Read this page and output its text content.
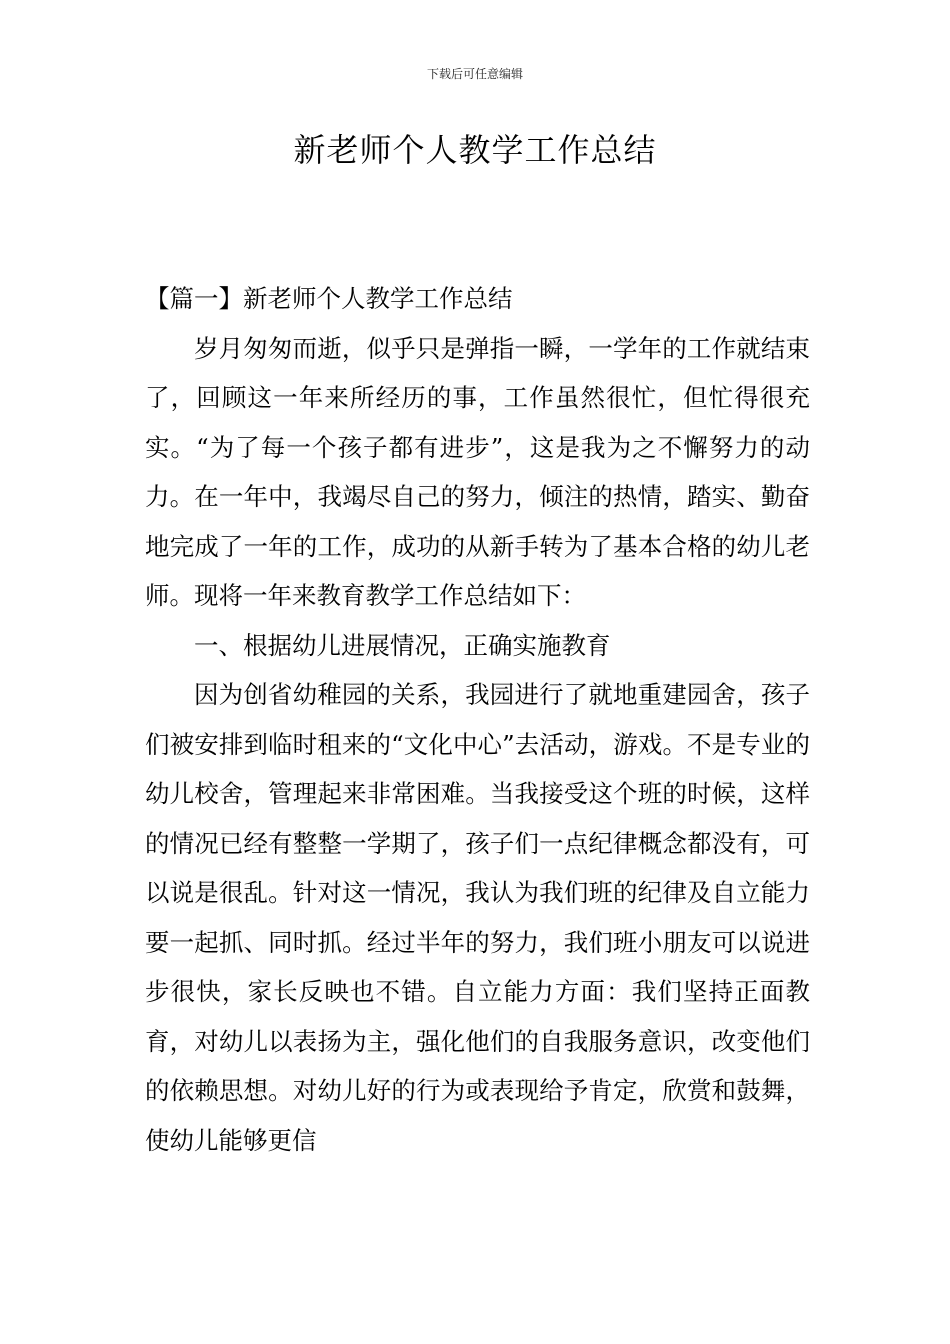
下载后可任意编辑
新老师个人教学工作总结

【篇一】新老师个人教学工作总结

岁月匆匆而逝，似乎只是弹指一瞬，一学年的工作就结束了，回顾这一年来所经历的事，工作虽然很忙，但忙得很充实。“为了每一个孩子都有进步”，这是我为之不懈努力的动力。在一年中，我竭尽自己的努力，倾注的热情，踏实、勤奋地完成了一年的工作，成功的从新手转为了基本合格的幼儿老师。现将一年来教育教学工作总结如下：

一、根据幼儿进展情况，正确实施教育

因为创省幼稚园的关系，我园进行了就地重建园舍，孩子们被安排到临时租来的“文化中心”去活动，游戏。不是专业的幼儿校舍，管理起来非常困难。当我接受这个班的时候，这样的情况已经有整整一学期了，孩子们一点纪律概念都没有，可以说是很乱。针对这一情况，我认为我们班的纪律及自立能力要一起抓、同时抓。经过半年的努力，我们班小朋友可以说进步很快，家长反映也不错。自立能力方面：我们坚持正面教育，对幼儿以表扬为主，强化他们的自我服务意识，改变他们的依赖思想。对幼儿好的行为或表现给予肯定，欣赏和鼓舞，使幼儿能够更信
